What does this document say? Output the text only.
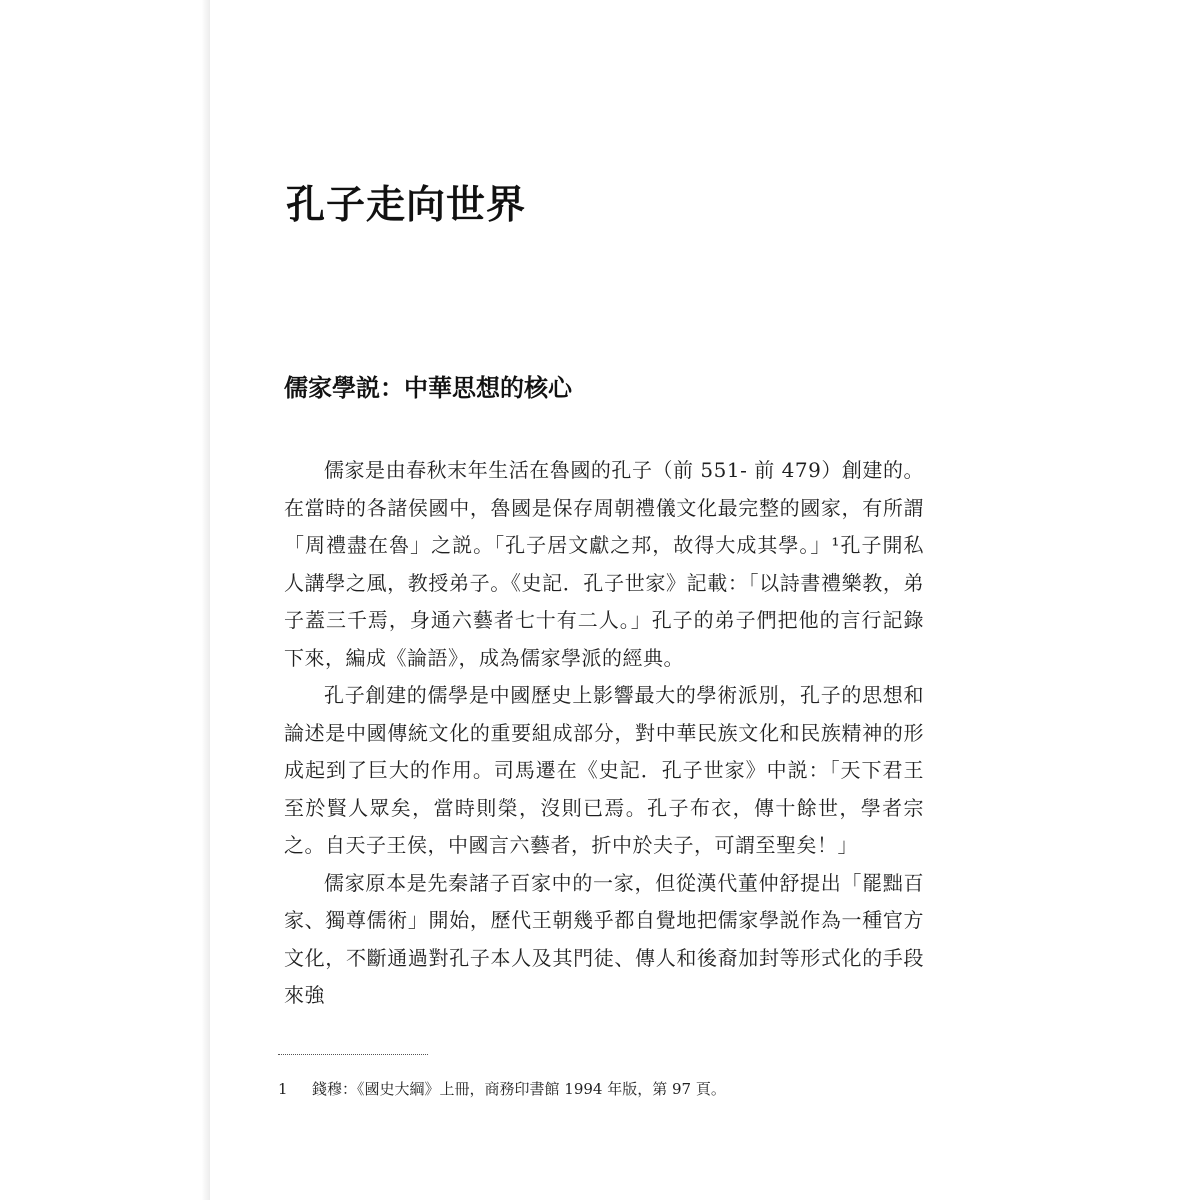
孔子走向世界
儒家學説：中華思想的核心

儒家是由春秋末年生活在魯國的孔子（前 551- 前 479）創建的。在當時的各諸侯國中，魯國是保存周朝禮儀文化最完整的國家，有所謂「周禮盡在魯」之説。「孔子居文獻之邦，故得大成其學。」¹孔子開私人講學之風，教授弟子。《史記．孔子世家》記載：「以詩書禮樂教，弟子蓋三千焉，身通六藝者七十有二人。」孔子的弟子們把他的言行記錄下來，編成《論語》，成為儒家學派的經典。

孔子創建的儒學是中國歷史上影響最大的學術派別，孔子的思想和論述是中國傳統文化的重要組成部分，對中華民族文化和民族精神的形成起到了巨大的作用。司馬遷在《史記．孔子世家》中説：「天下君王至於賢人眾矣，當時則榮，沒則已焉。孔子布衣，傳十餘世，學者宗之。自天子王侯，中國言六藝者，折中於夫子，可謂至聖矣！」

儒家原本是先秦諸子百家中的一家，但從漢代董仲舒提出「罷黜百家、獨尊儒術」開始，歷代王朝幾乎都自覺地把儒家學説作為一種官方文化，不斷通過對孔子本人及其門徒、傳人和後裔加封等形式化的手段來強

1 錢穆：《國史大綱》上冊，商務印書館 1994 年版，第 97 頁。
